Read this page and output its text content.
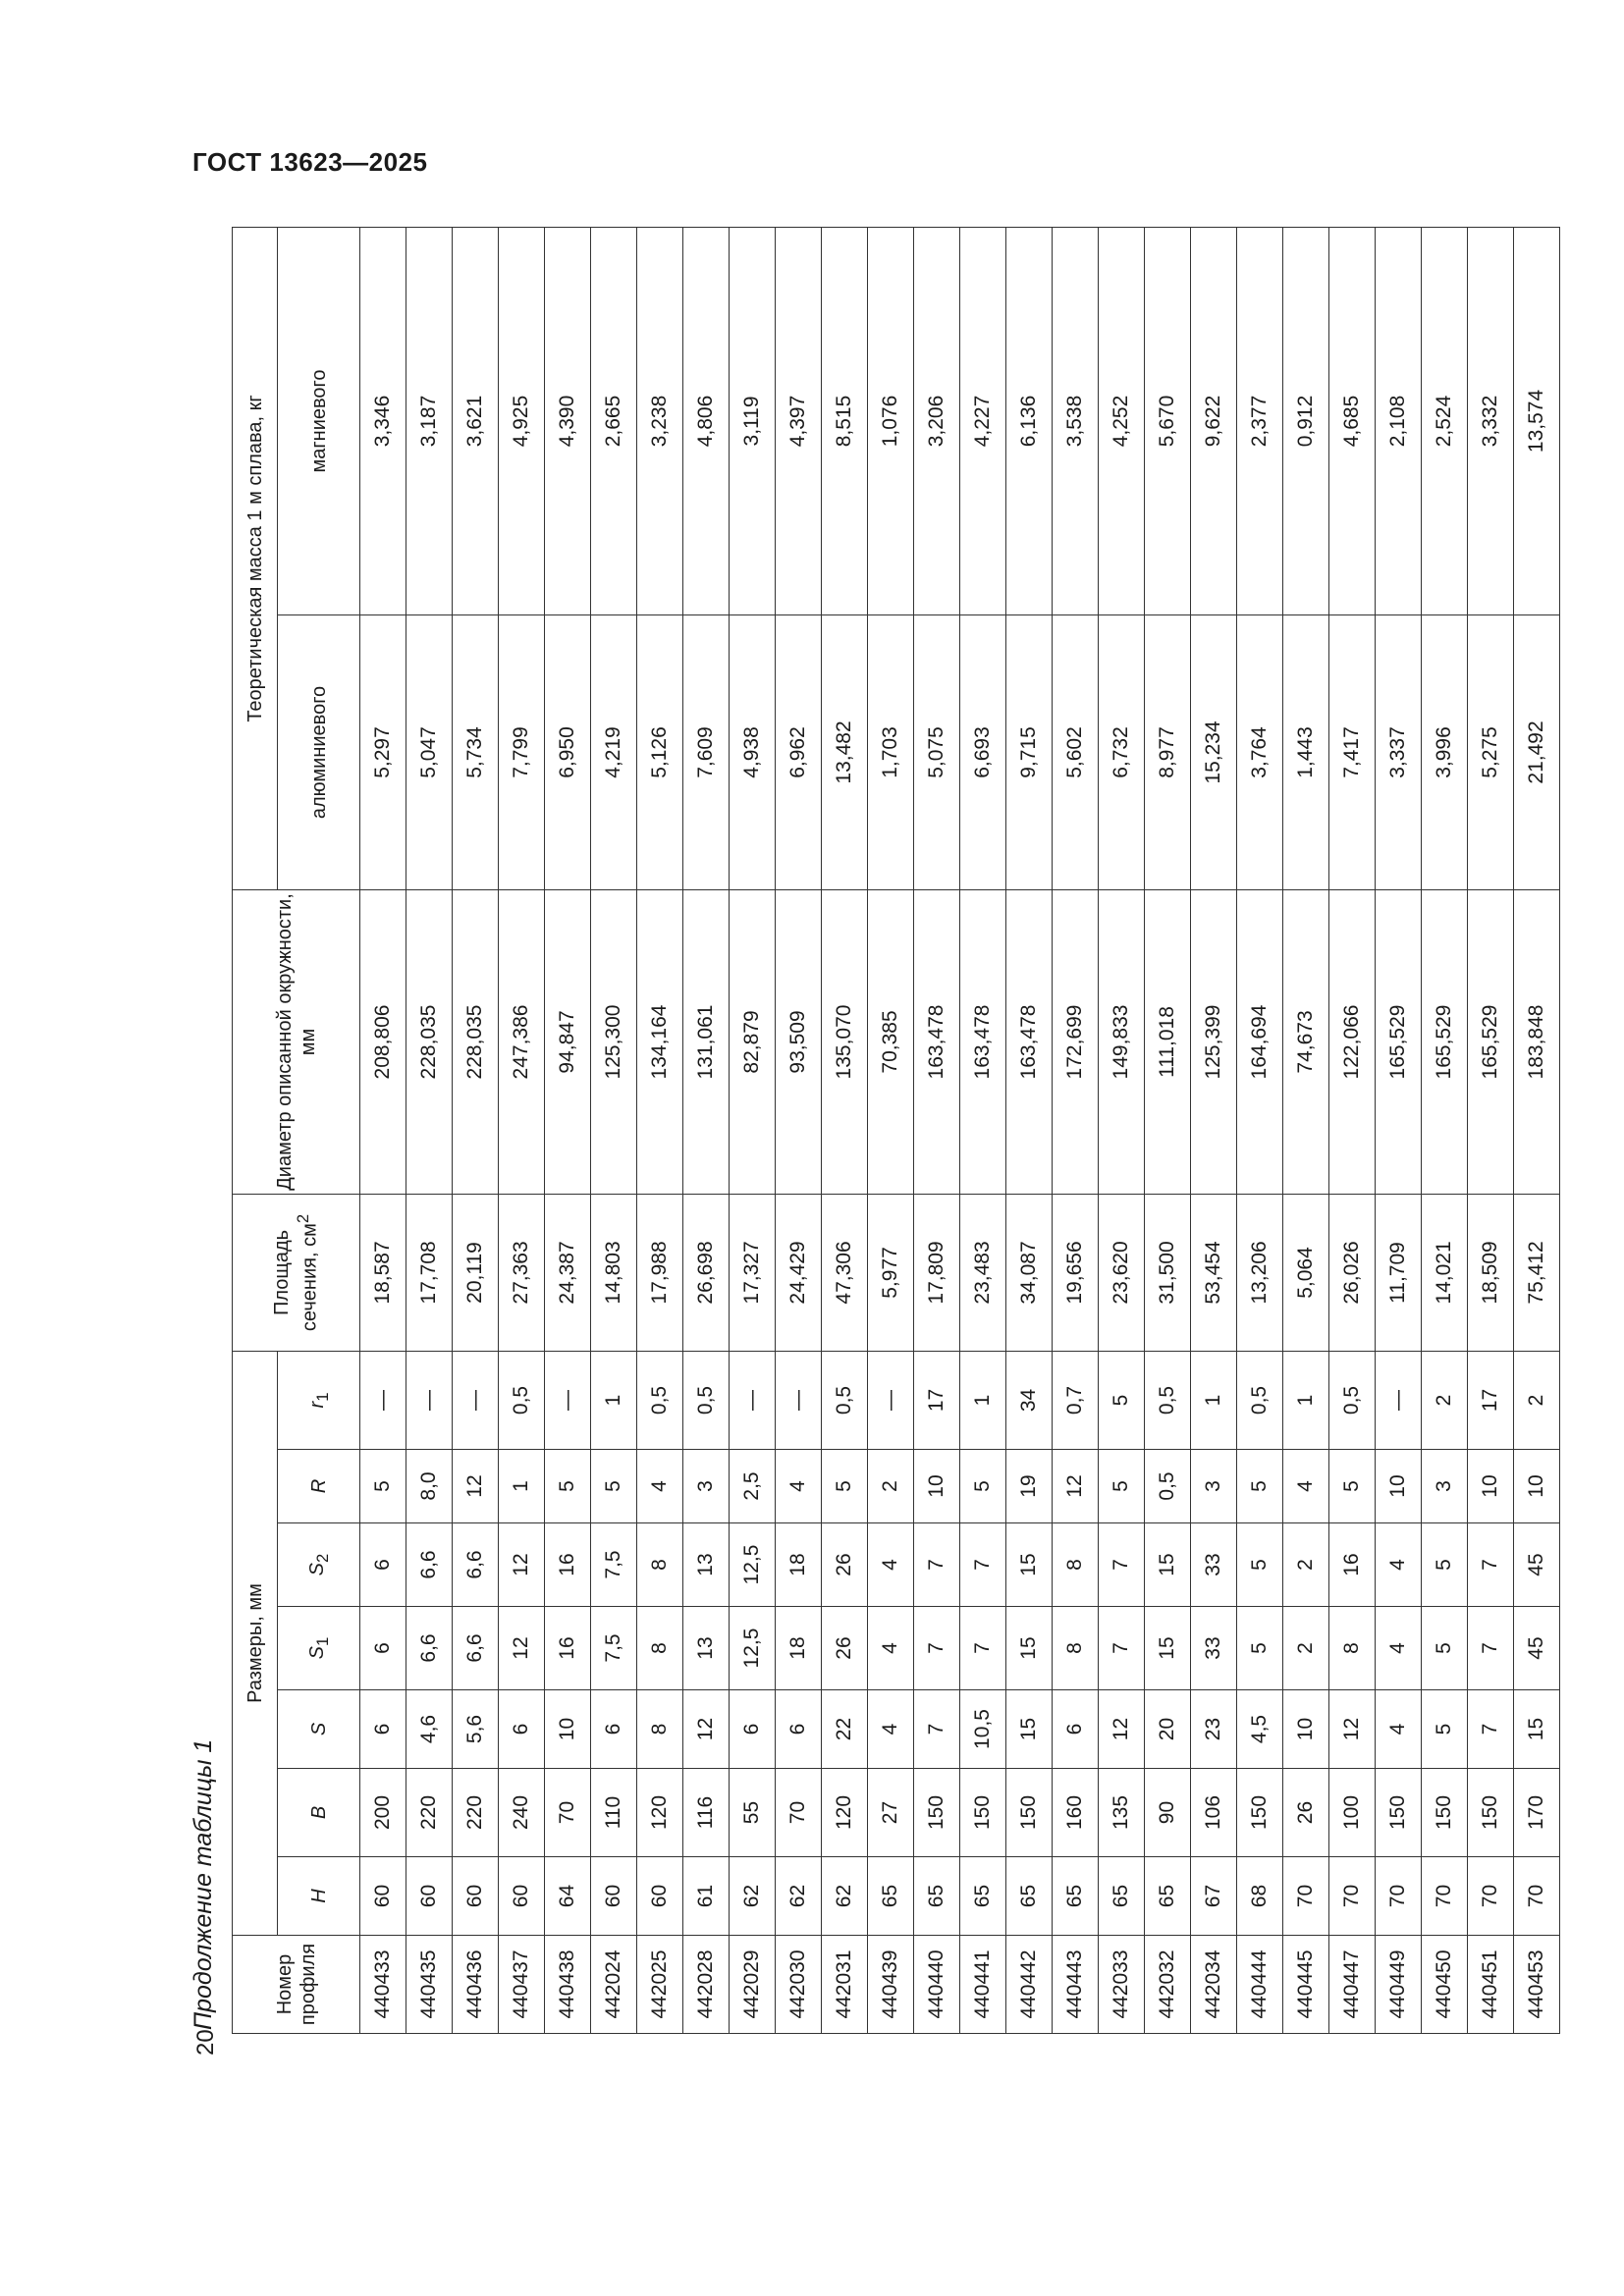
ГОСТ 13623—2025
20
Продолжение таблицы 1	Номер профиля	Размеры, мм							Площадь сечения, $см^2$	Диаметр описанной окружности, мм	Теоретическая масса 1 м сплава, кг	
	H	B	S	$S_1$	$S_2$	R	$r_1$			алюминиевого	магниевого

440433	60	200	6	6	6	5	—	18,587	208,806	5,297	3,346
440435	60	220	4,6	6,6	6,6	8,0	—	17,708	228,035	5,047	3,187
440436	60	220	5,6	6,6	6,6	12	—	20,119	228,035	5,734	3,621
440437	60	240	6	12	12	1	0,5	27,363	247,386	7,799	4,925
440438	64	70	10	16	16	5	—	24,387	94,847	6,950	4,390
442024	60	110	6	7,5	7,5	5	1	14,803	125,300	4,219	2,665
442025	60	120	8	8	8	4	0,5	17,988	134,164	5,126	3,238
442028	61	116	12	13	13	3	0,5	26,698	131,061	7,609	4,806
442029	62	55	6	12,5	12,5	2,5	—	17,327	82,879	4,938	3,119
442030	62	70	6	18	18	4	—	24,429	93,509	6,962	4,397
442031	62	120	22	26	26	5	0,5	47,306	135,070	13,482	8,515
440439	65	27	4	4	4	2	—	5,977	70,385	1,703	1,076
440440	65	150	7	7	7	10	17	17,809	163,478	5,075	3,206
440441	65	150	10,5	7	7	5	1	23,483	163,478	6,693	4,227
440442	65	150	15	15	15	19	34	34,087	163,478	9,715	6,136
440443	65	160	6	8	8	12	0,7	19,656	172,699	5,602	3,538
442033	65	135	12	7	7	5	5	23,620	149,833	6,732	4,252
442032	65	90	20	15	15	0,5	0,5	31,500	111,018	8,977	5,670
442034	67	106	23	33	33	3	1	53,454	125,399	15,234	9,622
440444	68	150	4,5	5	5	5	0,5	13,206	164,694	3,764	2,377
440445	70	26	10	2	2	4	1	5,064	74,673	1,443	0,912
440447	70	100	12	8	16	5	0,5	26,026	122,066	7,417	4,685
440449	70	150	4	4	4	10	—	11,709	165,529	3,337	2,108
440450	70	150	5	5	5	3	2	14,021	165,529	3,996	2,524
440451	70	150	7	7	7	10	17	18,509	165,529	5,275	3,332
440453	70	170	15	45	45	10	2	75,412	183,848	21,492	13,574
